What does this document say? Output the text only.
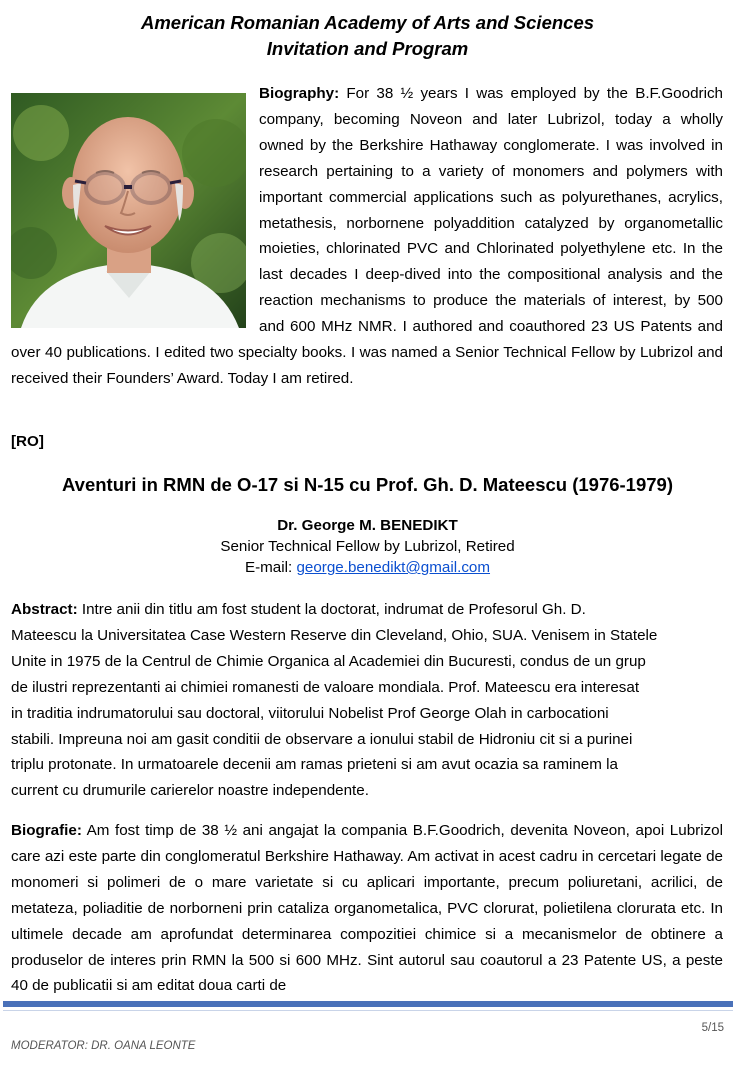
American Romanian Academy of Arts and Sciences
Invitation and Program
Biography: For 38 ½ years I was employed by the B.F.Goodrich company, becoming Noveon and later Lubrizol, today a wholly owned by the Berkshire Hathaway conglomerate. I was involved in research pertaining to a variety of monomers and polymers with important commercial applications such as polyurethanes, acrylics, metathesis, norbornene polyaddition catalyzed by organometallic moieties, chlorinated PVC and Chlorinated polyethylene etc. In the last decades I deep-dived into the compositional analysis and the reaction mechanisms to produce the materials of interest, by 500 and 600 MHz NMR. I authored and coauthored 23 US Patents and over 40 publications. I edited two specialty books. I was named a Senior Technical Fellow by Lubrizol and received their Founders’ Award. Today I am retired.
[RO]
Aventuri in RMN de O-17 si N-15 cu Prof. Gh. D. Mateescu (1976-1979)
Dr. George M. BENEDIKT
Senior Technical Fellow by Lubrizol, Retired
E-mail: george.benedikt@gmail.com
Abstract: Intre anii din titlu am fost student la doctorat, indrumat de Profesorul Gh. D.
Mateescu la Universitatea Case Western Reserve din Cleveland, Ohio, SUA. Venisem in Statele
Unite in 1975 de la Centrul de Chimie Organica al Academiei din Bucuresti, condus de un grup
de ilustri reprezentanti ai chimiei romanesti de valoare mondiala. Prof. Mateescu era interesat
in traditia indrumatorului sau doctoral, viitorului Nobelist Prof George Olah in carbocationi
stabili. Impreuna noi am gasit conditii de observare a ionului stabil de Hidroniu cit si a purinei
triplu protonate. In urmatoarele decenii am ramas prieteni si am avut ocazia sa raminem la
current cu drumurile carierelor noastre independente.
Biografie: Am fost timp de 38 ½ ani angajat la compania B.F.Goodrich, devenita Noveon, apoi Lubrizol care azi este parte din conglomeratul Berkshire Hathaway. Am activat in acest cadru in cercetari legate de monomeri si polimeri de o mare varietate si cu aplicari importante, precum poliuretani, acrilici, de metateza, poliaditie de norborneni prin cataliza organometalica, PVC clorurat, polietilena clorurata etc. In ultimele decade am aprofundat determinarea compozitiei chimice si a mecanismelor de obtinere a produselor de interes prin RMN la 500 si 600 MHz. Sint autorul sau coautorul a 23 Patente US, a peste 40 de publicatii si am editat doua carti de
5/15
MODERATOR: DR. OANA LEONTE
